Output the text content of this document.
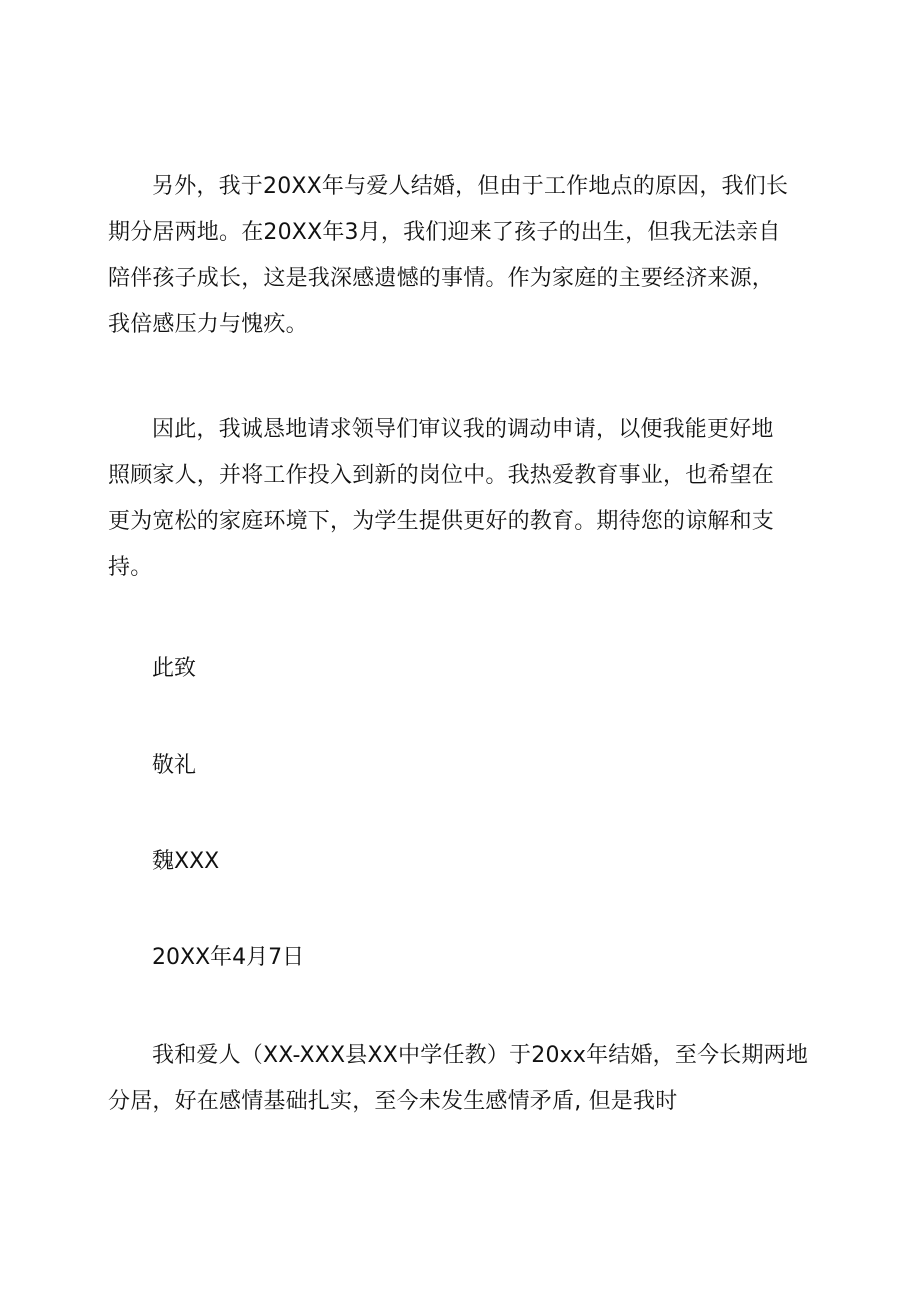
另外，我于20XX年与爱人结婚，但由于工作地点的原因，我们长
期分居两地。在20XX年3月，我们迎来了孩子的出生，但我无法亲自
陪伴孩子成长，这是我深感遗憾的事情。作为家庭的主要经济来源，
我倍感压力与愧疚。
因此，我诚恳地请求领导们审议我的调动申请，以便我能更好地
照顾家人，并将工作投入到新的岗位中。我热爱教育事业，也希望在
更为宽松的家庭环境下，为学生提供更好的教育。期待您的谅解和支
持。

此致

敬礼

魏XXX

20XX年4月7日

我和爱人（XX-XXX县XX中学任教）于20xx年结婚，至今长期两地
分居，好在感情基础扎实，至今未发生感情矛盾, 但是我时
